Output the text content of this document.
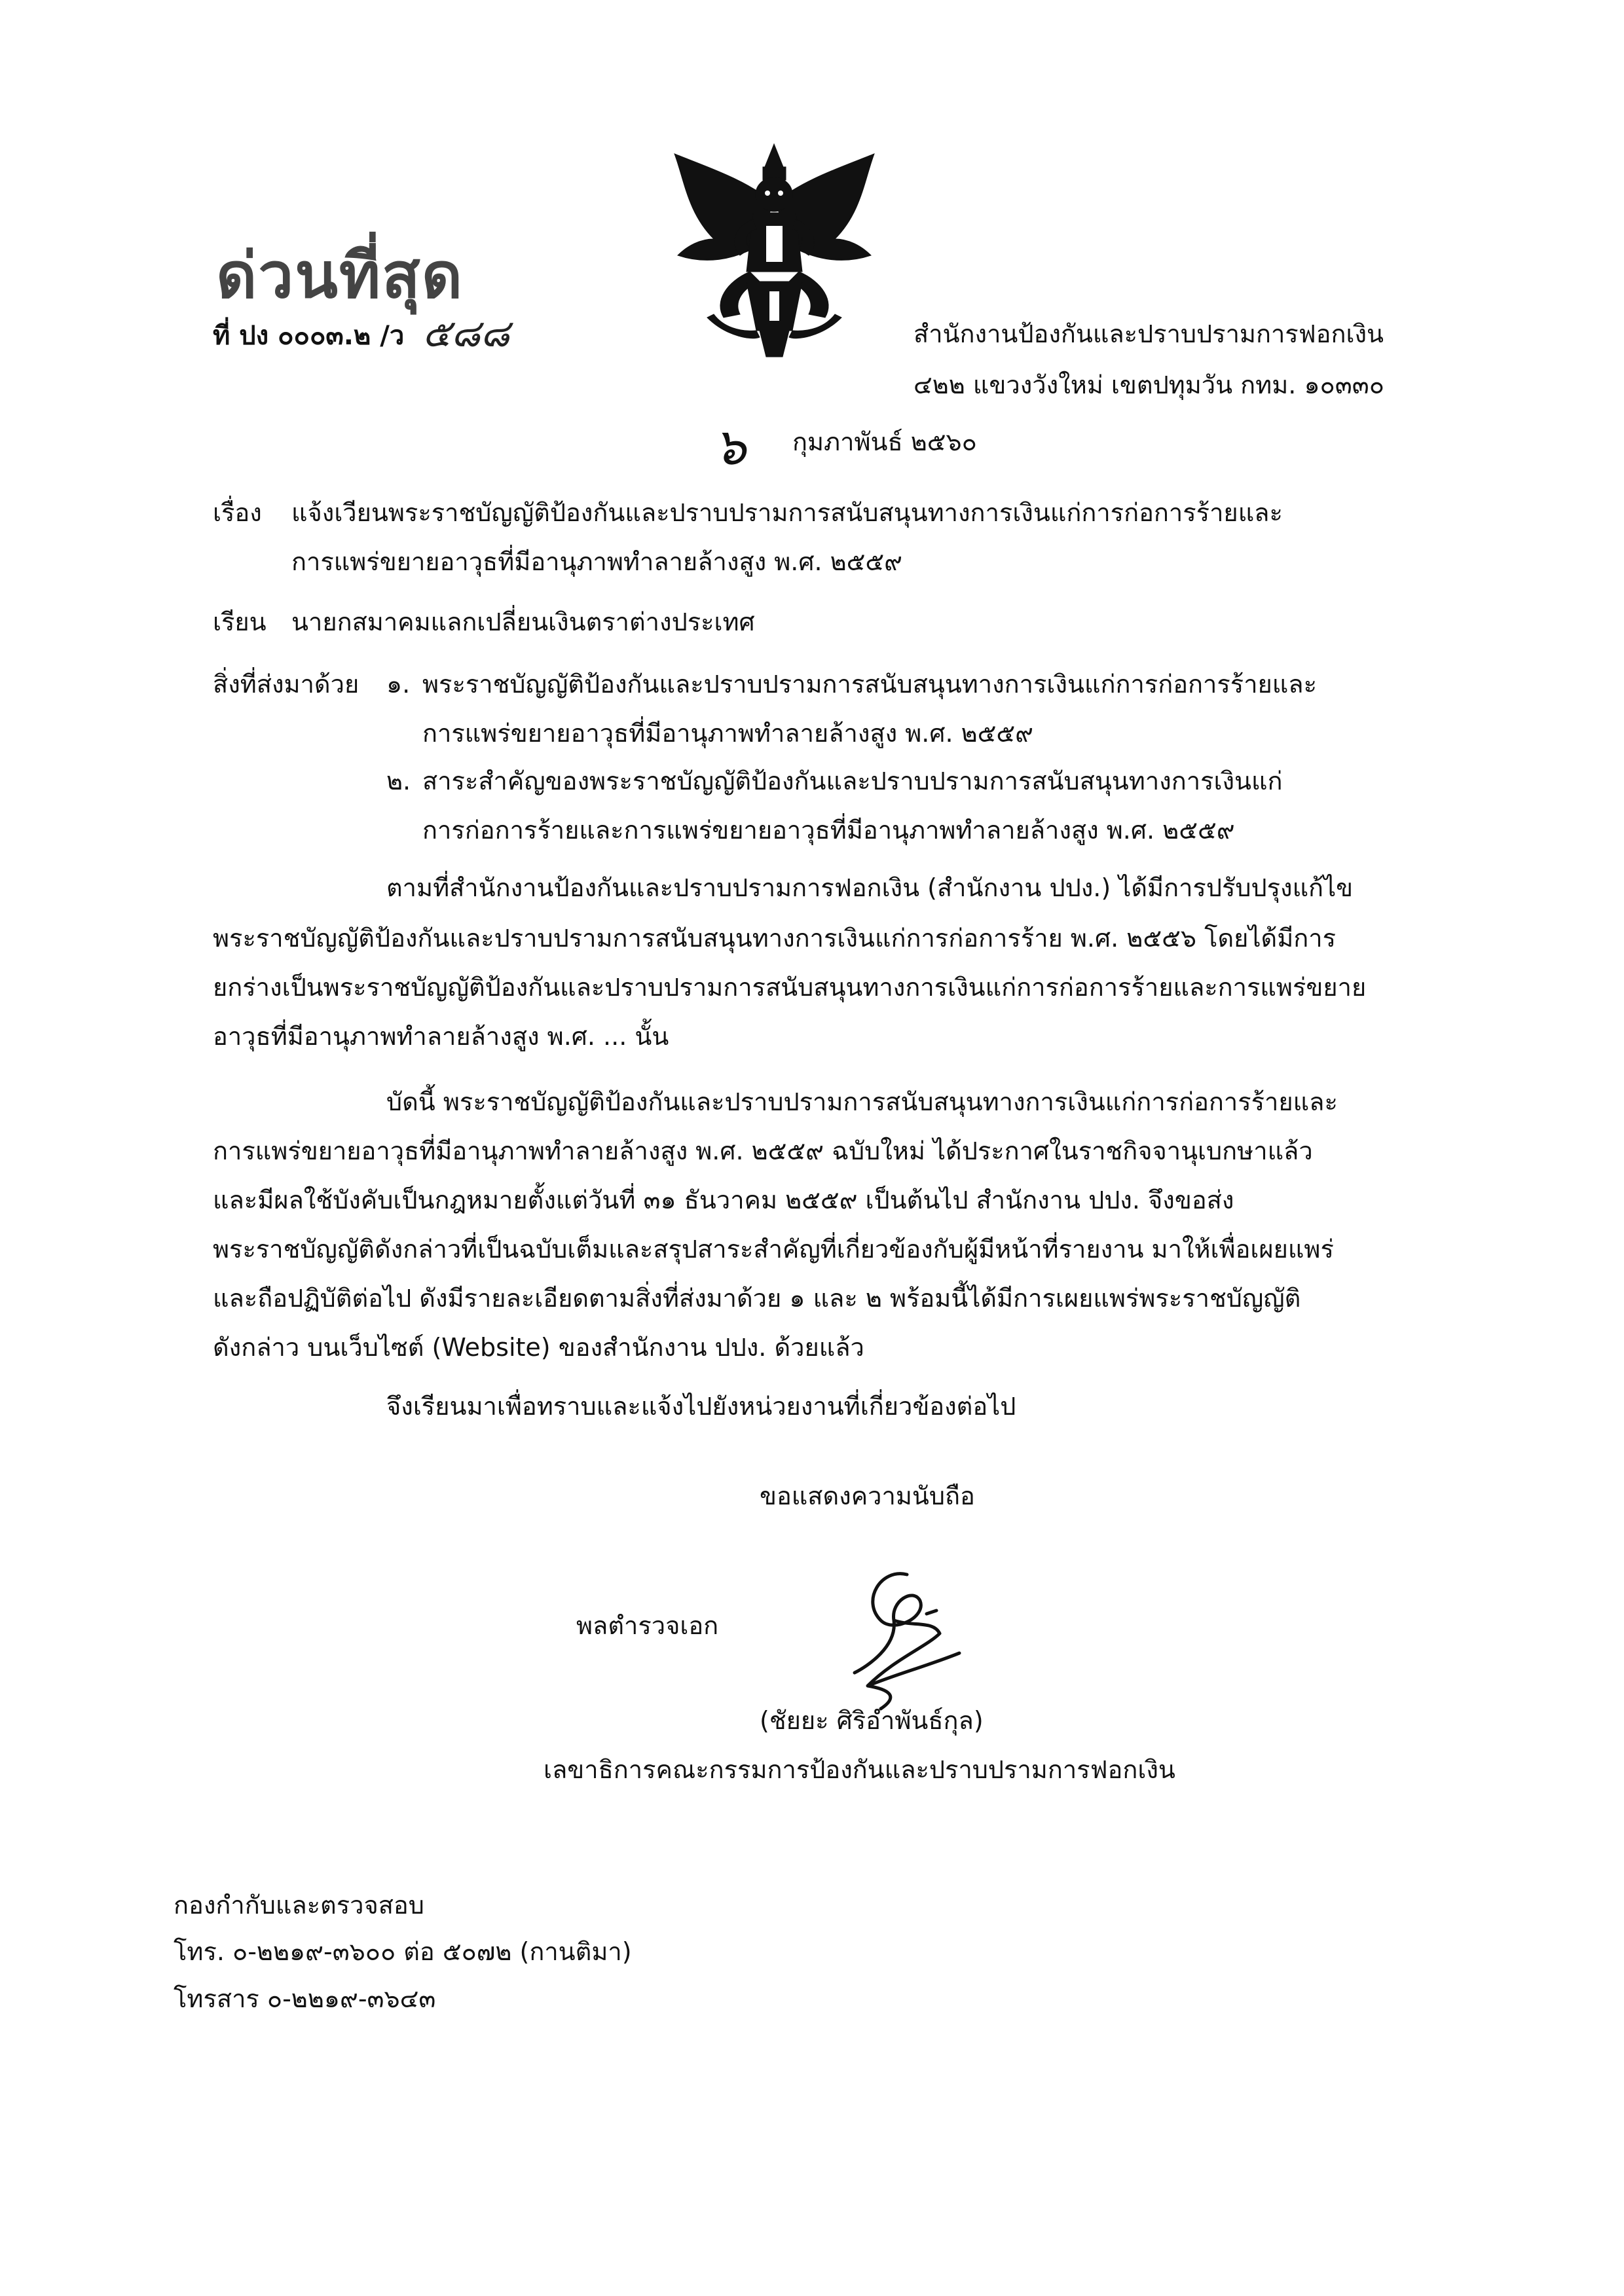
ด่วนที่สุด
ที่ ปง ๐๐๐๓.๒ /ว ๕๘๘	สำนักงานป้องกันและปราบปรามการฟอกเงิน
๔๒๒ แขวงวังใหม่ เขตปทุมวัน กทม. ๑๐๓๓๐
๖ กุมภาพันธ์ ๒๕๖๐
เรื่อง แจ้งเวียนพระราชบัญญัติป้องกันและปราบปรามการสนับสนุนทางการเงินแก่การก่อการร้ายและ
การแพร่ขยายอาวุธที่มีอานุภาพทำลายล้างสูง พ.ศ. ๒๕๕๙
เรียน นายกสมาคมแลกเปลี่ยนเงินตราต่างประเทศ
สิ่งที่ส่งมาด้วย ๑. พระราชบัญญัติป้องกันและปราบปรามการสนับสนุนทางการเงินแก่การก่อการร้ายและ
การแพร่ขยายอาวุธที่มีอานุภาพทำลายล้างสูง พ.ศ. ๒๕๕๙
๒. สาระสำคัญของพระราชบัญญัติป้องกันและปราบปรามการสนับสนุนทางการเงินแก่
การก่อการร้ายและการแพร่ขยายอาวุธที่มีอานุภาพทำลายล้างสูง พ.ศ. ๒๕๕๙
ตามที่สำนักงานป้องกันและปราบปรามการฟอกเงิน (สำนักงาน ปปง.) ได้มีการปรับปรุงแก้ไข
พระราชบัญญัติป้องกันและปราบปรามการสนับสนุนทางการเงินแก่การก่อการร้าย พ.ศ. ๒๕๕๖ โดยได้มีการ
ยกร่างเป็นพระราชบัญญัติป้องกันและปราบปรามการสนับสนุนทางการเงินแก่การก่อการร้ายและการแพร่ขยาย
อาวุธที่มีอานุภาพทำลายล้างสูง พ.ศ. ... นั้น
บัดนี้ พระราชบัญญัติป้องกันและปราบปรามการสนับสนุนทางการเงินแก่การก่อการร้ายและ
การแพร่ขยายอาวุธที่มีอานุภาพทำลายล้างสูง พ.ศ. ๒๕๕๙ ฉบับใหม่ ได้ประกาศในราชกิจจานุเบกษาแล้ว
และมีผลใช้บังคับเป็นกฎหมายตั้งแต่วันที่ ๓๑ ธันวาคม ๒๕๕๙ เป็นต้นไป สำนักงาน ปปง. จึงขอส่ง
พระราชบัญญัติดังกล่าวที่เป็นฉบับเต็มและสรุปสาระสำคัญที่เกี่ยวข้องกับผู้มีหน้าที่รายงาน มาให้เพื่อเผยแพร่
และถือปฏิบัติต่อไป ดังมีรายละเอียดตามสิ่งที่ส่งมาด้วย ๑ และ ๒ พร้อมนี้ได้มีการเผยแพร่พระราชบัญญัติ
ดังกล่าว บนเว็บไซต์ (Website) ของสำนักงาน ปปง. ด้วยแล้ว
จึงเรียนมาเพื่อทราบและแจ้งไปยังหน่วยงานที่เกี่ยวข้องต่อไป
ขอแสดงความนับถือ
พลตำรวจเอก
(ชัยยะ ศิริอำพันธ์กุล)
เลขาธิการคณะกรรมการป้องกันและปราบปรามการฟอกเงิน
กองกำกับและตรวจสอบ
โทร. ๐-๒๒๑๙-๓๖๐๐ ต่อ ๕๐๗๒ (กานติมา)
โทรสาร ๐-๒๒๑๙-๓๖๔๓
